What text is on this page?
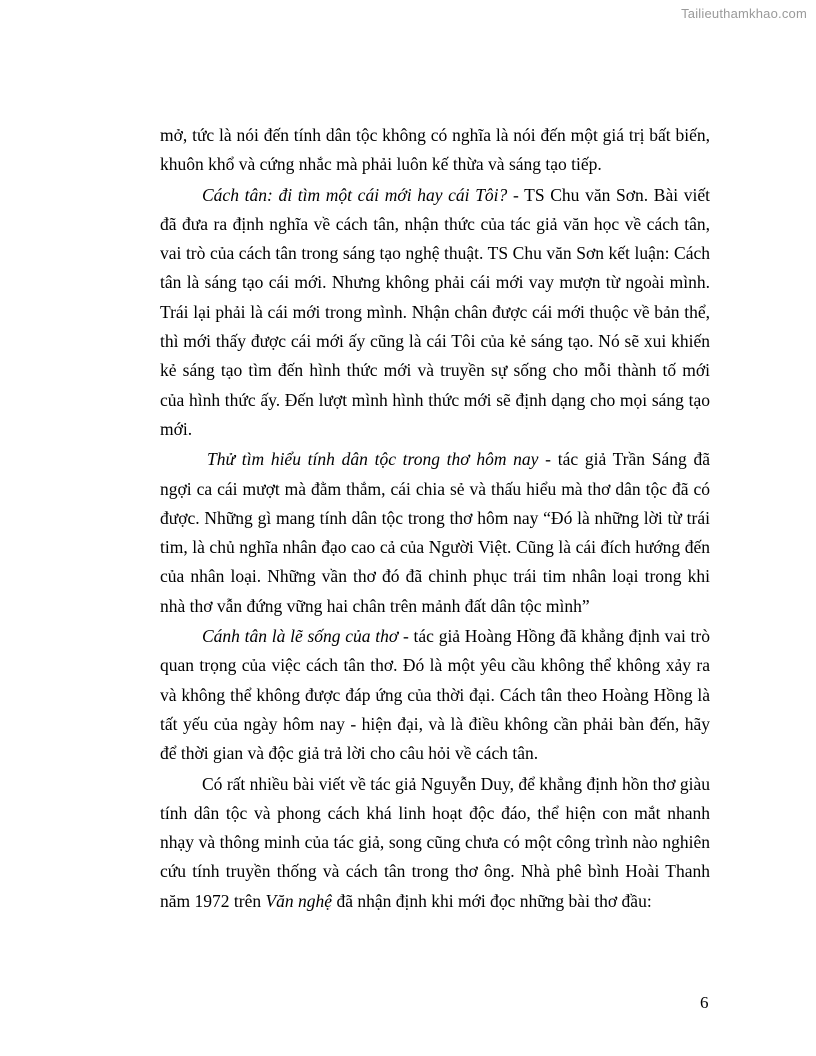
Tailieuthamkhao.com

mở, tức là nói đến tính dân tộc không có nghĩa là nói đến một giá trị bất biến, khuôn khổ và cứng nhắc mà phải luôn kế thừa và sáng tạo tiếp.

Cách tân: đi tìm một cái mới hay cái Tôi? - TS Chu văn Sơn. Bài viết đã đưa ra định nghĩa về cách tân, nhận thức của tác giả văn học về cách tân, vai trò của cách tân trong sáng tạo nghệ thuật. TS Chu văn Sơn kết luận: Cách tân là sáng tạo cái mới. Nhưng không phải cái mới vay mượn từ ngoài mình. Trái lại phải là cái mới trong mình. Nhận chân được cái mới thuộc về bản thể, thì mới thấy được cái mới ấy cũng là cái Tôi của kẻ sáng tạo. Nó sẽ xui khiến kẻ sáng tạo tìm đến hình thức mới và truyền sự sống cho mỗi thành tố mới của hình thức ấy. Đến lượt mình hình thức mới sẽ định dạng cho mọi sáng tạo mới.

Thử tìm hiểu tính dân tộc trong thơ hôm nay - tác giả Trần Sáng đã ngợi ca cái mượt mà đằm thắm, cái chia sẻ và thấu hiểu mà thơ dân tộc đã có được. Những gì mang tính dân tộc trong thơ hôm nay “Đó là những lời từ trái tim, là chủ nghĩa nhân đạo cao cả của Người Việt. Cũng là cái đích hướng đến của nhân loại. Những vần thơ đó đã chinh phục trái tim nhân loại trong khi nhà thơ vẫn đứng vững hai chân trên mảnh đất dân tộc mình”

Cánh tân là lẽ sống của thơ - tác giả Hoàng Hồng đã khẳng định vai trò quan trọng của việc cách tân thơ. Đó là một yêu cầu không thể không xảy ra và không thể không được đáp ứng của thời đại. Cách tân theo Hoàng Hồng là tất yếu của ngày hôm nay - hiện đại, và là điều không cần phải bàn đến, hãy để thời gian và độc giả trả lời cho câu hỏi về cách tân.

Có rất nhiều bài viết về tác giả Nguyễn Duy, để khẳng định hồn thơ giàu tính dân tộc và phong cách khá linh hoạt độc đáo, thể hiện con mắt nhanh nhạy và thông minh của tác giả, song cũng chưa có một công trình nào nghiên cứu tính truyền thống và cách tân trong thơ ông. Nhà phê bình Hoài Thanh năm 1972 trên Văn nghệ đã nhận định khi mới đọc những bài thơ đầu:

6
